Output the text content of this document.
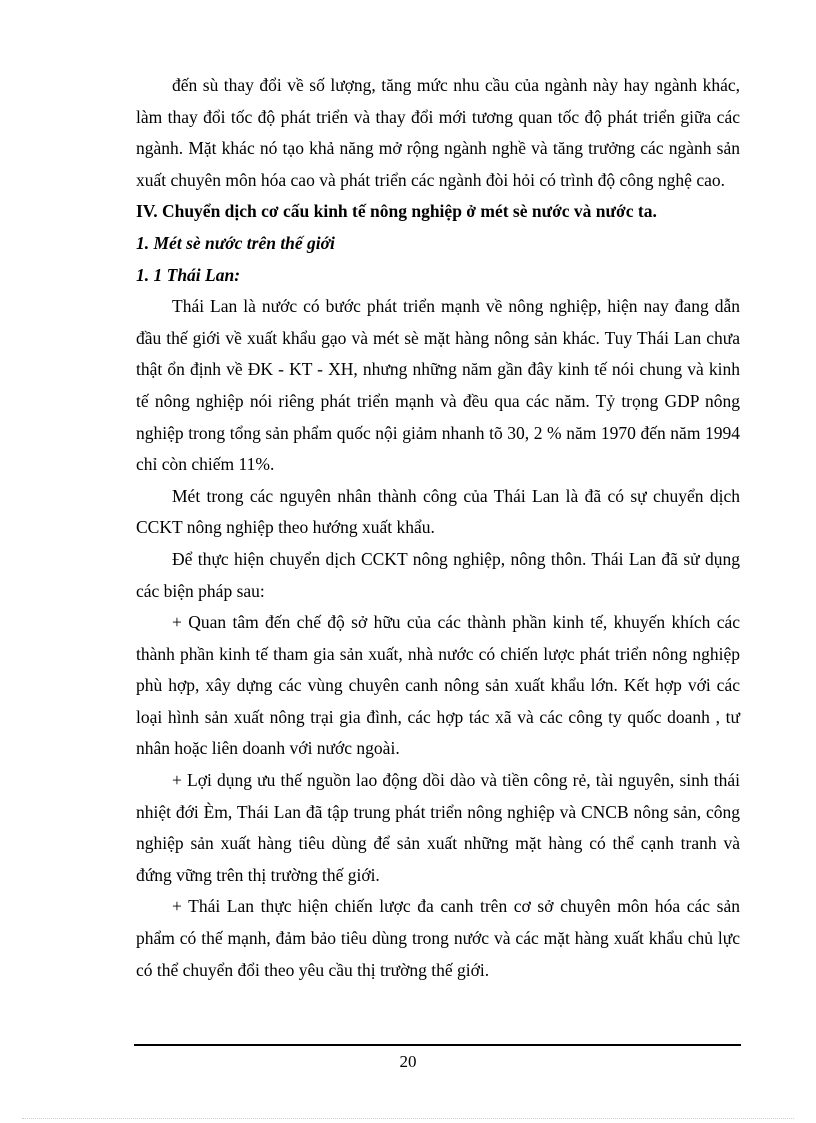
đến sù thay đổi về số lượng, tăng mức nhu cầu của ngành này hay ngành khác, làm thay đổi tốc độ phát triển và thay đổi mới tương quan tốc độ phát triển giữa các ngành. Mặt khác nó tạo khả năng mở rộng ngành nghề và tăng trưởng các ngành sản xuất chuyên môn hóa cao và phát triển các ngành đòi hỏi có trình độ công nghệ cao.

IV. Chuyển dịch cơ cấu kinh tế nông nghiệp ở mét sè nước và nước ta.

1. Mét sè nước trên thế giới

1. 1 Thái Lan:

Thái Lan là nước có bước phát triển mạnh về nông nghiệp, hiện nay đang dẫn đầu thế giới về xuất khẩu gạo và mét sè mặt hàng nông sản khác. Tuy Thái Lan chưa thật ổn định về ĐK - KT - XH, nhưng những năm gần đây kinh tế nói chung và kinh tế nông nghiệp nói riêng phát triển mạnh và đều qua các năm. Tỷ trọng GDP nông nghiệp trong tổng sản phẩm quốc nội giảm nhanh tõ 30, 2 % năm 1970 đến năm 1994 chỉ còn chiếm 11%.

Mét trong các nguyên nhân thành công của Thái Lan là đã có sự chuyển dịch CCKT nông nghiệp theo hướng xuất khẩu.

Để thực hiện chuyển dịch CCKT nông nghiệp, nông thôn. Thái Lan đã sử dụng các biện pháp sau:

+ Quan tâm đến chế độ sở hữu của các thành phần kinh tế, khuyến khích các thành phần kinh tế tham gia sản xuất, nhà nước có chiến lược phát triển nông nghiệp phù hợp, xây dựng các vùng chuyên canh nông sản xuất khẩu lớn. Kết hợp với các loại hình sản xuất nông trại gia đình, các hợp tác xã và các công ty quốc doanh , tư nhân hoặc liên doanh với nước ngoài.

+ Lợi dụng ưu thế nguồn lao động dồi dào và tiền công rẻ, tài nguyên, sinh thái nhiệt đới Èm, Thái Lan đã tập trung phát triển nông nghiệp và CNCB nông sản, công nghiệp sản xuất hàng tiêu dùng để sản xuất những mặt hàng có thể cạnh tranh và đứng vững trên thị trường thế giới.

+ Thái Lan thực hiện chiến lược đa canh trên cơ sở chuyên môn hóa các sản phẩm có thế mạnh, đảm bảo tiêu dùng trong nước và các mặt hàng xuất khẩu chủ lực có thể chuyển đổi theo yêu cầu thị trường thế giới.

20
